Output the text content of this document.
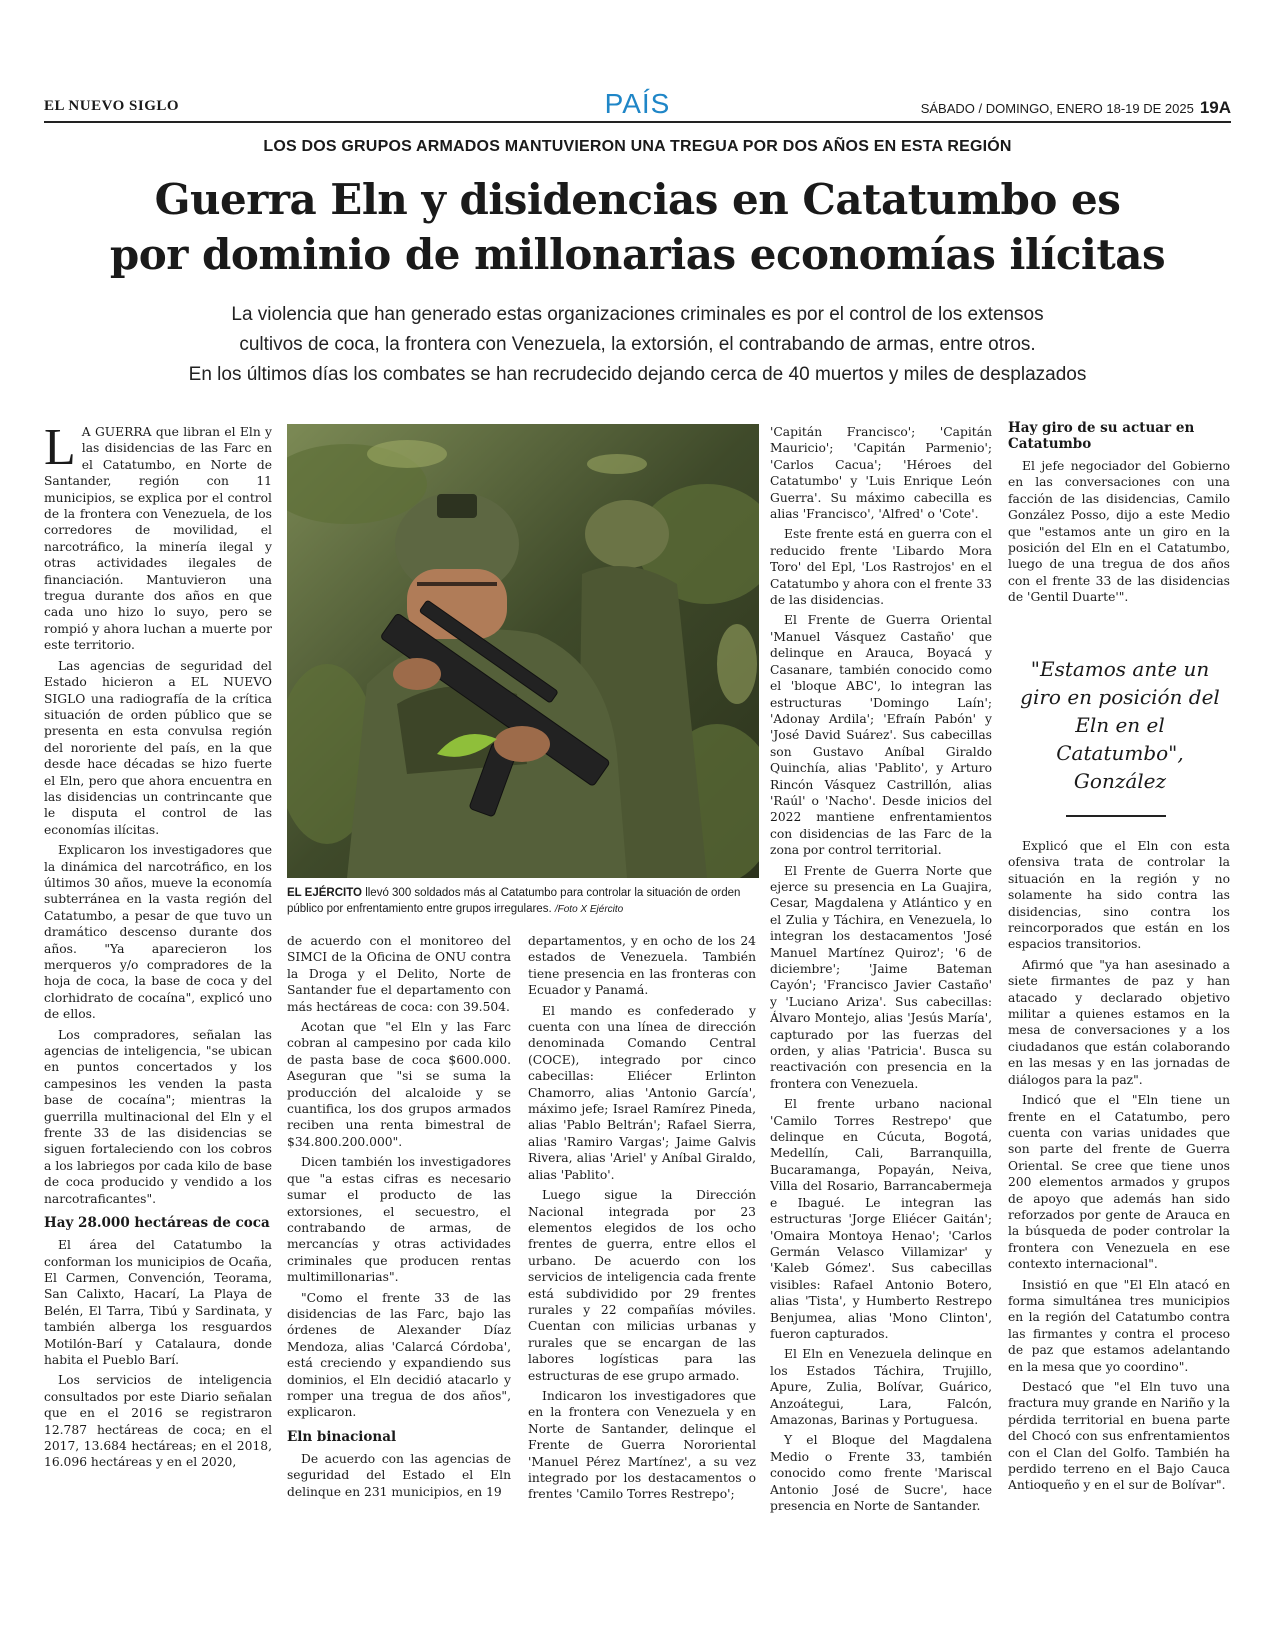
EL NUEVO SIGLO	PAÍS	SÁBADO / DOMINGO, ENERO 18-19 DE 2025 19A
LOS DOS GRUPOS ARMADOS MANTUVIERON UNA TREGUA POR DOS AÑOS EN ESTA REGIÓN
Guerra Eln y disidencias en Catatumbo es
por dominio de millonarias economías ilícitas
La violencia que han generado estas organizaciones criminales es por el control de los extensos
cultivos de coca, la frontera con Venezuela, la extorsión, el contrabando de armas, entre otros.
En los últimos días los combates se han recrudecido dejando cerca de 40 muertos y miles de desplazados

L A GUERRA que libran el Eln y las disidencias de las Farc en el Catatumbo, en Norte de Santander, región con 11 municipios, se explica por el control de la frontera con Venezuela, de los corredores de movilidad, el narcotráfico, la minería ilegal y otras actividades ilegales de financiación. Mantuvieron una tregua durante dos años en que cada uno hizo lo suyo, pero se rompió y ahora luchan a muerte por este territorio.

Las agencias de seguridad del Estado hicieron a EL NUEVO SIGLO una radiografía de la crítica situación de orden público que se presenta en esta convulsa región del nororiente del país, en la que desde hace décadas se hizo fuerte el Eln, pero que ahora encuentra en las disidencias un contrincante que le disputa el control de las economías ilícitas.

Explicaron los investigadores que la dinámica del narcotráfico, en los últimos 30 años, mueve la economía subterránea en la vasta región del Catatumbo, a pesar de que tuvo un dramático descenso durante dos años. "Ya aparecieron los merqueros y/o compradores de la hoja de coca, la base de coca y del clorhidrato de cocaína", explicó uno de ellos.

Los compradores, señalan las agencias de inteligencia, "se ubican en puntos concertados y los campesinos les venden la pasta base de cocaína"; mientras la guerrilla multinacional del Eln y el frente 33 de las disidencias se siguen fortaleciendo con los cobros a los labriegos por cada kilo de base de coca producido y vendido a los narcotraficantes".

Hay 28.000 hectáreas de coca

El área del Catatumbo la conforman los municipios de Ocaña, El Carmen, Convención, Teorama, San Calixto, Hacarí, La Playa de Belén, El Tarra, Tibú y Sardinata, y también alberga los resguardos Motilón-Barí y Catalaura, donde habita el Pueblo Barí.

Los servicios de inteligencia consultados por este Diario señalan que en el 2016 se registraron 12.787 hectáreas de coca; en el 2017, 13.684 hectáreas; en el 2018, 16.096 hectáreas y en el 2020,

EL EJÉRCITO llevó 300 soldados más al Catatumbo para controlar la situación de orden público por enfrentamiento entre grupos irregulares. /Foto X Ejército

de acuerdo con el monitoreo del SIMCI de la Oficina de ONU contra la Droga y el Delito, Norte de Santander fue el departamento con más hectáreas de coca: con 39.504.

Acotan que "el Eln y las Farc cobran al campesino por cada kilo de pasta base de coca $600.000. Aseguran que "si se suma la producción del alcaloide y se cuantifica, los dos grupos armados reciben una renta bimestral de $34.800.200.000".

Dicen también los investigadores que "a estas cifras es necesario sumar el producto de las extorsiones, el secuestro, el contrabando de armas, de mercancías y otras actividades criminales que producen rentas multimillonarias".

"Como el frente 33 de las disidencias de las Farc, bajo las órdenes de Alexander Díaz Mendoza, alias 'Calarcá Córdoba', está creciendo y expandiendo sus dominios, el Eln decidió atacarlo y romper una tregua de dos años", explicaron.

Eln binacional

De acuerdo con las agencias de seguridad del Estado el Eln delinque en 231 municipios, en 19

departamentos, y en ocho de los 24 estados de Venezuela. También tiene presencia en las fronteras con Ecuador y Panamá.

El mando es confederado y cuenta con una línea de dirección denominada Comando Central (COCE), integrado por cinco cabecillas: Eliécer Erlinton Chamorro, alias 'Antonio García', máximo jefe; Israel Ramírez Pineda, alias 'Pablo Beltrán'; Rafael Sierra, alias 'Ramiro Vargas'; Jaime Galvis Rivera, alias 'Ariel' y Aníbal Giraldo, alias 'Pablito'.

Luego sigue la Dirección Nacional integrada por 23 elementos elegidos de los ocho frentes de guerra, entre ellos el urbano. De acuerdo con los servicios de inteligencia cada frente está subdividido por 29 frentes rurales y 22 compañías móviles. Cuentan con milicias urbanas y rurales que se encargan de las labores logísticas para las estructuras de ese grupo armado.

Indicaron los investigadores que en la frontera con Venezuela y en Norte de Santander, delinque el Frente de Guerra Nororiental 'Manuel Pérez Martínez', a su vez integrado por los destacamentos o frentes 'Camilo Torres Restrepo';

'Capitán Francisco'; 'Capitán Mauricio'; 'Capitán Parmenio'; 'Carlos Cacua'; 'Héroes del Catatumbo' y 'Luis Enrique León Guerra'. Su máximo cabecilla es alias 'Francisco', 'Alfred' o 'Cote'.

Este frente está en guerra con el reducido frente 'Libardo Mora Toro' del Epl, 'Los Rastrojos' en el Catatumbo y ahora con el frente 33 de las disidencias.

El Frente de Guerra Oriental 'Manuel Vásquez Castaño' que delinque en Arauca, Boyacá y Casanare, también conocido como el 'bloque ABC', lo integran las estructuras 'Domingo Laín'; 'Adonay Ardila'; 'Efraín Pabón' y 'José David Suárez'. Sus cabecillas son Gustavo Aníbal Giraldo Quinchía, alias 'Pablito', y Arturo Rincón Vásquez Castrillón, alias 'Raúl' o 'Nacho'. Desde inicios del 2022 mantiene enfrentamientos con disidencias de las Farc de la zona por control territorial.

El Frente de Guerra Norte que ejerce su presencia en La Guajira, Cesar, Magdalena y Atlántico y en el Zulia y Táchira, en Venezuela, lo integran los destacamentos 'José Manuel Martínez Quiroz'; '6 de diciembre'; 'Jaime Bateman Cayón'; 'Francisco Javier Castaño' y 'Luciano Ariza'. Sus cabecillas: Álvaro Montejo, alias 'Jesús María', capturado por las fuerzas del orden, y alias 'Patricia'. Busca su reactivación con presencia en la frontera con Venezuela.

El frente urbano nacional 'Camilo Torres Restrepo' que delinque en Cúcuta, Bogotá, Medellín, Cali, Barranquilla, Bucaramanga, Popayán, Neiva, Villa del Rosario, Barrancabermeja e Ibagué. Le integran las estructuras 'Jorge Eliécer Gaitán'; 'Omaira Montoya Henao'; 'Carlos Germán Velasco Villamizar' y 'Kaleb Gómez'. Sus cabecillas visibles: Rafael Antonio Botero, alias 'Tista', y Humberto Restrepo Benjumea, alias 'Mono Clinton', fueron capturados.

El Eln en Venezuela delinque en los Estados Táchira, Trujillo, Apure, Zulia, Bolívar, Guárico, Anzoátegui, Lara, Falcón, Amazonas, Barinas y Portuguesa.

Y el Bloque del Magdalena Medio o Frente 33, también conocido como frente 'Mariscal Antonio José de Sucre', hace presencia en Norte de Santander.

Hay giro de su actuar en Catatumbo

El jefe negociador del Gobierno en las conversaciones con una facción de las disidencias, Camilo González Posso, dijo a este Medio que "estamos ante un giro en la posición del Eln en el Catatumbo, luego de una tregua de dos años con el frente 33 de las disidencias de 'Gentil Duarte'".

"Estamos ante un giro en posición del Eln en el Catatumbo", González

Explicó que el Eln con esta ofensiva trata de controlar la situación en la región y no solamente ha sido contra las disidencias, sino contra los reincorporados que están en los espacios transitorios.

Afirmó que "ya han asesinado a siete firmantes de paz y han atacado y declarado objetivo militar a quienes estamos en la mesa de conversaciones y a los ciudadanos que están colaborando en las mesas y en las jornadas de diálogos para la paz".

Indicó que el "Eln tiene un frente en el Catatumbo, pero cuenta con varias unidades que son parte del frente de Guerra Oriental. Se cree que tiene unos 200 elementos armados y grupos de apoyo que además han sido reforzados por gente de Arauca en la búsqueda de poder controlar la frontera con Venezuela en ese contexto internacional".

Insistió en que "El Eln atacó en forma simultánea tres municipios en la región del Catatumbo contra las firmantes y contra el proceso de paz que estamos adelantando en la mesa que yo coordino".

Destacó que "el Eln tuvo una fractura muy grande en Nariño y la pérdida territorial en buena parte del Chocó con sus enfrentamientos con el Clan del Golfo. También ha perdido terreno en el Bajo Cauca Antioqueño y en el sur de Bolívar".
